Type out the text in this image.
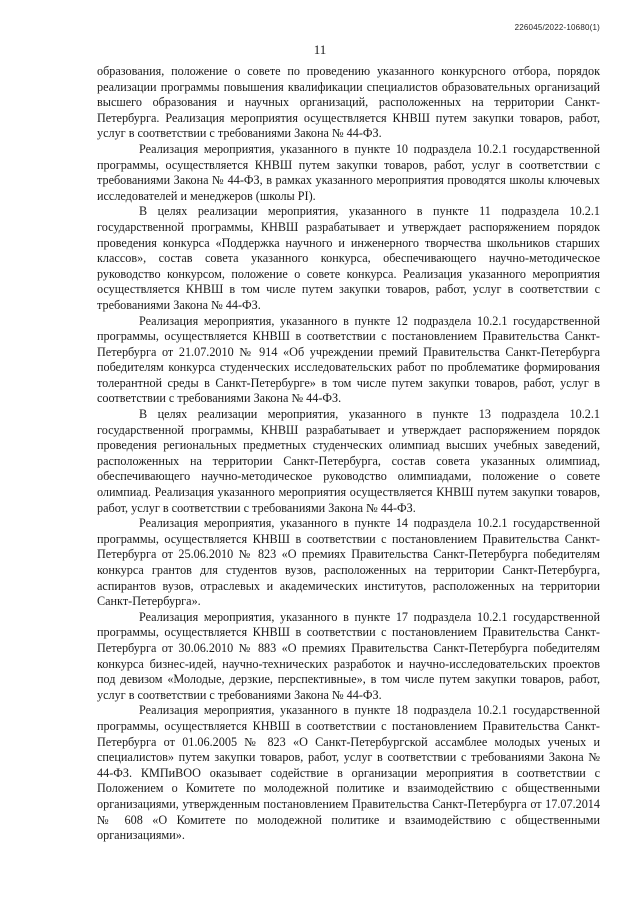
226045/2022-10680(1)
11

образования, положение о совете по проведению указанного конкурсного отбора, порядок реализации программы повышения квалификации специалистов образовательных организаций высшего образования и научных организаций, расположенных на территории Санкт-Петербурга. Реализация мероприятия осуществляется КНВШ путем закупки товаров, работ, услуг в соответствии с требованиями Закона № 44-ФЗ.

Реализация мероприятия, указанного в пункте 10 подраздела 10.2.1 государственной программы, осуществляется КНВШ путем закупки товаров, работ, услуг в соответствии с требованиями Закона № 44-ФЗ, в рамках указанного мероприятия проводятся школы ключевых исследователей и менеджеров (школы PI).

В целях реализации мероприятия, указанного в пункте 11 подраздела 10.2.1 государственной программы, КНВШ разрабатывает и утверждает распоряжением порядок проведения конкурса «Поддержка научного и инженерного творчества школьников старших классов», состав совета указанного конкурса, обеспечивающего научно-методическое руководство конкурсом, положение о совете конкурса. Реализация указанного мероприятия осуществляется КНВШ в том числе путем закупки товаров, работ, услуг в соответствии с требованиями Закона № 44-ФЗ.

Реализация мероприятия, указанного в пункте 12 подраздела 10.2.1 государственной программы, осуществляется КНВШ в соответствии с постановлением Правительства Санкт-Петербурга от 21.07.2010 № 914 «Об учреждении премий Правительства Санкт-Петербурга победителям конкурса студенческих исследовательских работ по проблематике формирования толерантной среды в Санкт-Петербурге» в том числе путем закупки товаров, работ, услуг в соответствии с требованиями Закона № 44-ФЗ.

В целях реализации мероприятия, указанного в пункте 13 подраздела 10.2.1 государственной программы, КНВШ разрабатывает и утверждает распоряжением порядок проведения региональных предметных студенческих олимпиад высших учебных заведений, расположенных на территории Санкт-Петербурга, состав совета указанных олимпиад, обеспечивающего научно-методическое руководство олимпиадами, положение о совете олимпиад. Реализация указанного мероприятия осуществляется КНВШ путем закупки товаров, работ, услуг в соответствии с требованиями Закона № 44-ФЗ.

Реализация мероприятия, указанного в пункте 14 подраздела 10.2.1 государственной программы, осуществляется КНВШ в соответствии с постановлением Правительства Санкт-Петербурга от 25.06.2010 № 823 «О премиях Правительства Санкт-Петербурга победителям конкурса грантов для студентов вузов, расположенных на территории Санкт-Петербурга, аспирантов вузов, отраслевых и академических институтов, расположенных на территории Санкт-Петербурга».

Реализация мероприятия, указанного в пункте 17 подраздела 10.2.1 государственной программы, осуществляется КНВШ в соответствии с постановлением Правительства Санкт-Петербурга от 30.06.2010 № 883 «О премиях Правительства Санкт-Петербурга победителям конкурса бизнес-идей, научно-технических разработок и научно-исследовательских проектов под девизом «Молодые, дерзкие, перспективные», в том числе путем закупки товаров, работ, услуг в соответствии с требованиями Закона № 44-ФЗ.

Реализация мероприятия, указанного в пункте 18 подраздела 10.2.1 государственной программы, осуществляется КНВШ в соответствии с постановлением Правительства Санкт-Петербурга от 01.06.2005 № 823 «О Санкт-Петербургской ассамблее молодых ученых и специалистов» путем закупки товаров, работ, услуг в соответствии с требованиями Закона № 44-ФЗ. КМПиВОО оказывает содействие в организации мероприятия в соответствии с Положением о Комитете по молодежной политике и взаимодействию с общественными организациями, утвержденным постановлением Правительства Санкт-Петербурга от 17.07.2014 № 608 «О Комитете по молодежной политике и взаимодействию с общественными организациями».
